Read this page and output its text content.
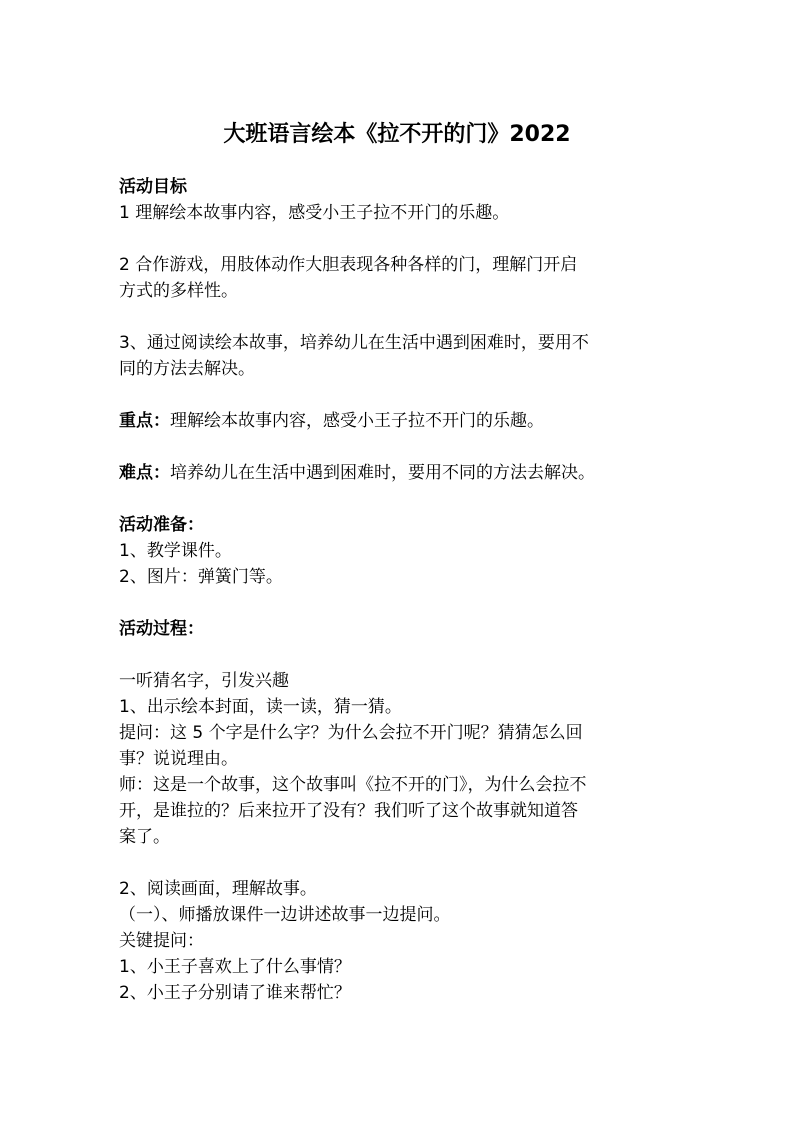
大班语言绘本《拉不开的门》2022
活动目标
1 理解绘本故事内容，感受小王子拉不开门的乐趣。
2 合作游戏，用肢体动作大胆表现各种各样的门，理解门开启
方式的多样性。
3、通过阅读绘本故事，培养幼儿在生活中遇到困难时，要用不
同的方法去解决。
重点：理解绘本故事内容，感受小王子拉不开门的乐趣。
难点：培养幼儿在生活中遇到困难时，要用不同的方法去解决。
活动准备：
1、教学课件。
2、图片：弹簧门等。
活动过程：
一听猜名字，引发兴趣
1、出示绘本封面，读一读，猜一猜。
提问：这 5 个字是什么字？为什么会拉不开门呢？猜猜怎么回
事？说说理由。
师：这是一个故事，这个故事叫《拉不开的门》，为什么会拉不
开，是谁拉的？后来拉开了没有？我们听了这个故事就知道答
案了。
2、阅读画面，理解故事。
（一）、师播放课件一边讲述故事一边提问。
关键提问：
1、小王子喜欢上了什么事情？
2、小王子分别请了谁来帮忙？
